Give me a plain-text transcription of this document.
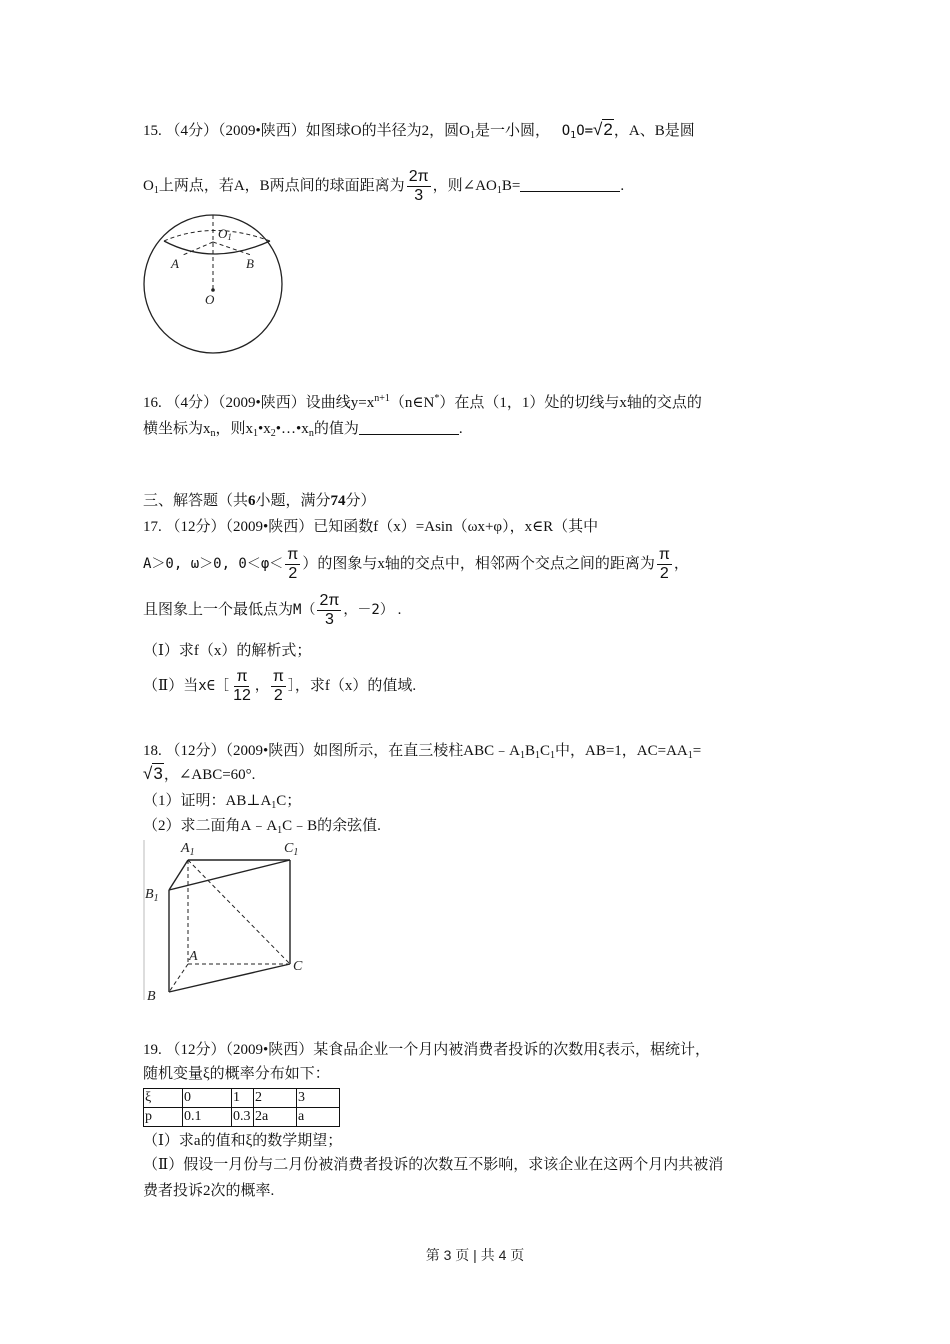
15. （4分）（2009•陕西）如图球O的半径为2，圆$O_1$是一小圆， $O_1O=√2$，A、B是圆
$O_1$上两点，若A，B两点间的球面距离为 $\frac{2\pi}{3}$ ，则$\angle AO_1B=$	.
O1
A	B
O
16. （4分）（2009•陕西）设曲线$y=x^{n+1}(n\in N^*)$在点（1，1）处的切线与x轴的交点的
横坐标为$x_n$，则$x_1•x_2•\dots•x_n$的值为	.
三、解答题（共6小题，满分74分）
17. （12分）（2009•陕西）已知函数f（x）=Asin（ωx+φ），x∈R（其中
A＞0, ω＞0, $0<\varphi< \frac{\pi}{2}$ ）的图象与x轴的交点中，相邻两个交点之间的距离为 $\frac{\pi}{2}$ ，
且图象上一个最低点为$M( \frac{2\pi}{3}$ ，－2） .
（Ⅰ）求f（x）的解析式；
（Ⅱ）当x∈［ $\frac{\pi}{12}$ ， $\frac{\pi}{2}$ ］，求f（x）的值域.
18. （12分）（2009•陕西）如图所示，在直三棱柱$ABC﹣A_1B_1C_1$中，AB=1，$AC=AA_1=$
√3，∠ABC=60°.
（1）证明：$AB\perp A_1C$；
（2）求二面角$A﹣A_1C﹣B$的余弦值.
$A_1$	$C_1$
$B_1$
A
C
B
19. （12分）（2009•陕西）某食品企业一个月内被消费者投诉的次数用ξ表示，椐统计，
随机变量ξ的概率分布如下：
ξ	0	1	2	3
p	0.1	0.3	2a	a
（Ⅰ）求a的值和ξ的数学期望；
（Ⅱ）假设一月份与二月份被消费者投诉的次数互不影响，求该企业在这两个月内共被消
费者投诉2次的概率.
第 3 页 | 共 4 页
